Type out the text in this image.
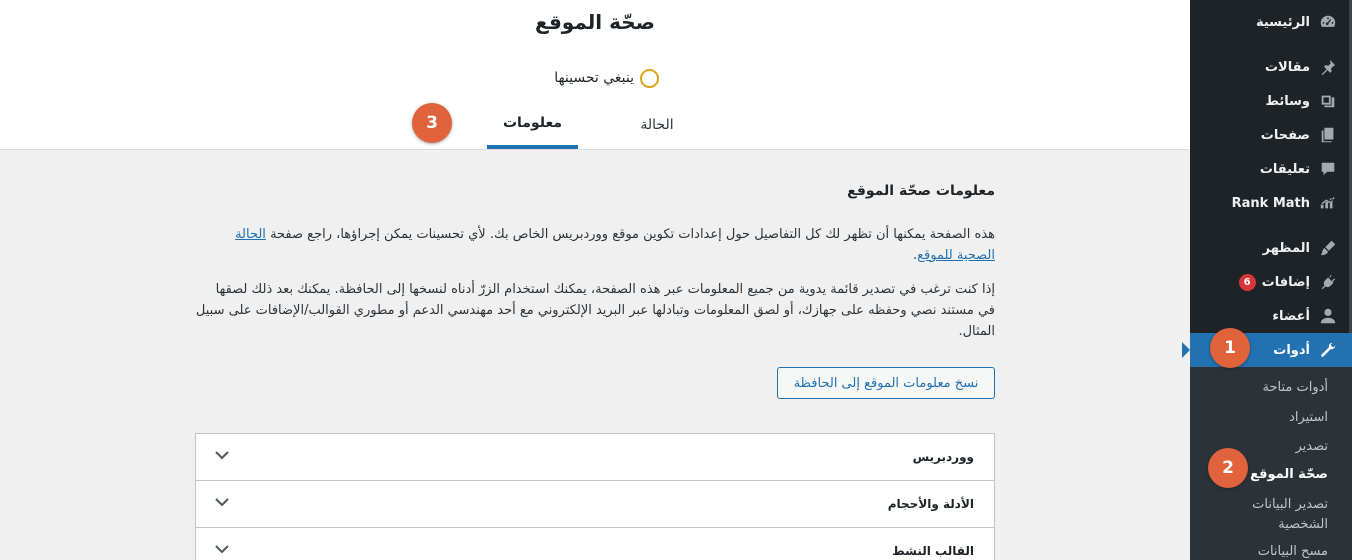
الرئيسية
مقالات
وسائط
صفحات
تعليقات
Rank Math
المظهر
إضافات
6
أعضاء
أدوات
أدوات متاحة
استيراد
تصدير
صحّة الموقع
تصدير البيانات الشخصية
مسح البيانات
صحّة الموقع
ينبغي تحسينها
الحالة
معلومات
معلومات صحّة الموقع

هذه الصفحة يمكنها أن تظهر لك كل التفاصيل حول إعدادات تكوين موقع ووردبريس الخاص بك. لأي تحسينات يمكن إجراؤها، راجع صفحة الحالة الصحية للموقع.

إذا كنت ترغب في تصدير قائمة يدوية من جميع المعلومات عبر هذه الصفحة، يمكنك استخدام الزرّ أدناه لنسخها إلى الحافظة. يمكنك بعد ذلك لصقها في مستند نصي وحفظه على جهازك، أو لصق المعلومات وتبادلها عبر البريد الإلكتروني مع أحد مهندسي الدعم أو مطوري القوالب/الإضافات على سبيل المثال.

نسخ معلومات الموقع إلى الحافظة
ووردبريس
الأدلة والأحجام
القالب النشط
1
2
3
